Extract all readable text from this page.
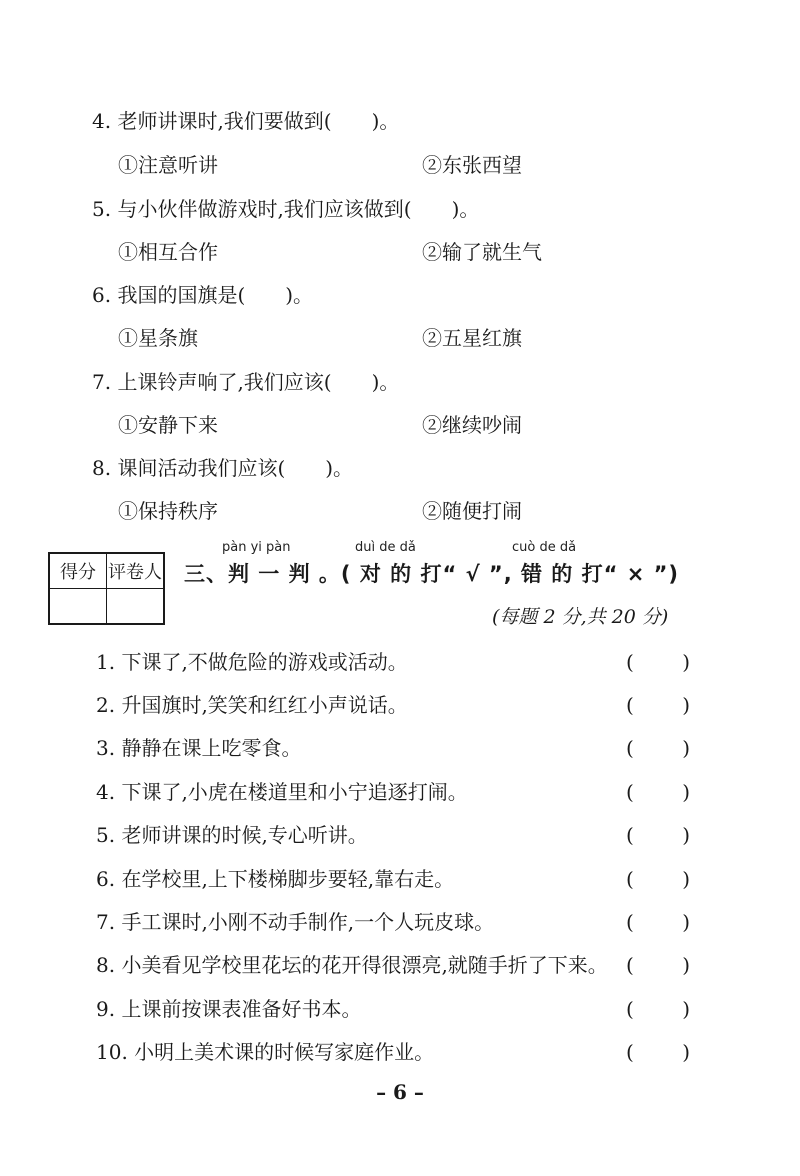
4. 老师讲课时,我们要做到(　　)。
①注意听讲	②东张西望
5. 与小伙伴做游戏时,我们应该做到(　　)。
①相互合作	②输了就生气
6. 我国的国旗是(　　)。
①星条旗	②五星红旗
7. 上课铃声响了,我们应该(　　)。
①安静下来	②继续吵闹
8. 课间活动我们应该(　　)。
①保持秩序	②随便打闹
得分	评卷人

pàn yi pàn	duì de dǎ	cuò de dǎ
三、判 一 判 。( 对 的 打“ √ ”, 错 的 打“ × ”)
(每题 2 分,共 20 分)
1. 下课了,不做危险的游戏或活动。	( )
2. 升国旗时,笑笑和红红小声说话。	( )
3. 静静在课上吃零食。	( )
4. 下课了,小虎在楼道里和小宁追逐打闹。	( )
5. 老师讲课的时候,专心听讲。	( )
6. 在学校里,上下楼梯脚步要轻,靠右走。	( )
7. 手工课时,小刚不动手制作,一个人玩皮球。	( )
8. 小美看见学校里花坛的花开得很漂亮,就随手折了下来。 ( )
9. 上课前按课表准备好书本。	( )
10. 小明上美术课的时候写家庭作业。	( )
– 6 –
